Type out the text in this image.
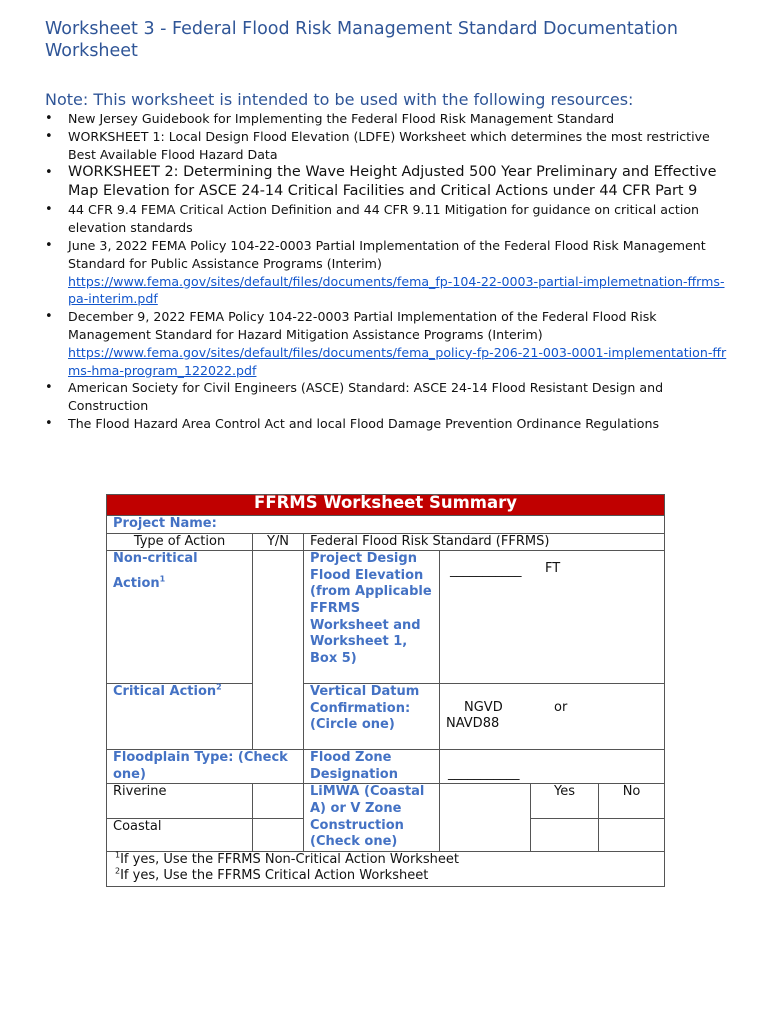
Worksheet 3 - Federal Flood Risk Management Standard Documentation Worksheet

Note: This worksheet is intended to be used with the following resources:

• New Jersey Guidebook for Implementing the Federal Flood Risk Management Standard
• WORKSHEET 1: Local Design Flood Elevation (LDFE) Worksheet which determines the most restrictive Best Available Flood Hazard Data
• WORKSHEET 2: Determining the Wave Height Adjusted 500 Year Preliminary and Effective Map Elevation for ASCE 24-14 Critical Facilities and Critical Actions under 44 CFR Part 9
• 44 CFR 9.4 FEMA Critical Action Definition and 44 CFR 9.11 Mitigation for guidance on critical action elevation standards
• June 3, 2022 FEMA Policy 104-22-0003 Partial Implementation of the Federal Flood Risk Management Standard for Public Assistance Programs (Interim)
https://www.fema.gov/sites/default/files/documents/fema_fp-104-22-0003-partial-implemetnation-ffrms-pa-interim.pdf
• December 9, 2022 FEMA Policy 104-22-0003 Partial Implementation of the Federal Flood Risk Management Standard for Hazard Mitigation Assistance Programs (Interim)
https://www.fema.gov/sites/default/files/documents/fema_policy-fp-206-21-003-0001-implementation-ffrms-hma-program_122022.pdf
• American Society for Civil Engineers (ASCE) Standard: ASCE 24-14 Flood Resistant Design and Construction
• The Flood Hazard Area Control Act and local Flood Damage Prevention Ordinance Regulations
FFRMS Worksheet Summary					
Project Name:					
Type of Action	Y/N	Federal Flood Risk Standard (FFRMS)			
Non-critical
Action$^1$		Project Design Flood Elevation (from Applicable FFRMS Worksheet and Worksheet 1, Box 5)	___________ FT		

Critical Action$^2$		Vertical Datum Confirmation: (Circle one)	NGVD or
NAVD88		

Floodplain Type: (Check one)		Flood Zone Designation	___________		

Riverine		LiMWA (Coastal A) or V Zone Construction (Check one)		Yes	No
Coastal					

$^1$If yes, Use the FFRMS Non-Critical Action Worksheet
$^2$If yes, Use the FFRMS Critical Action Worksheet					
